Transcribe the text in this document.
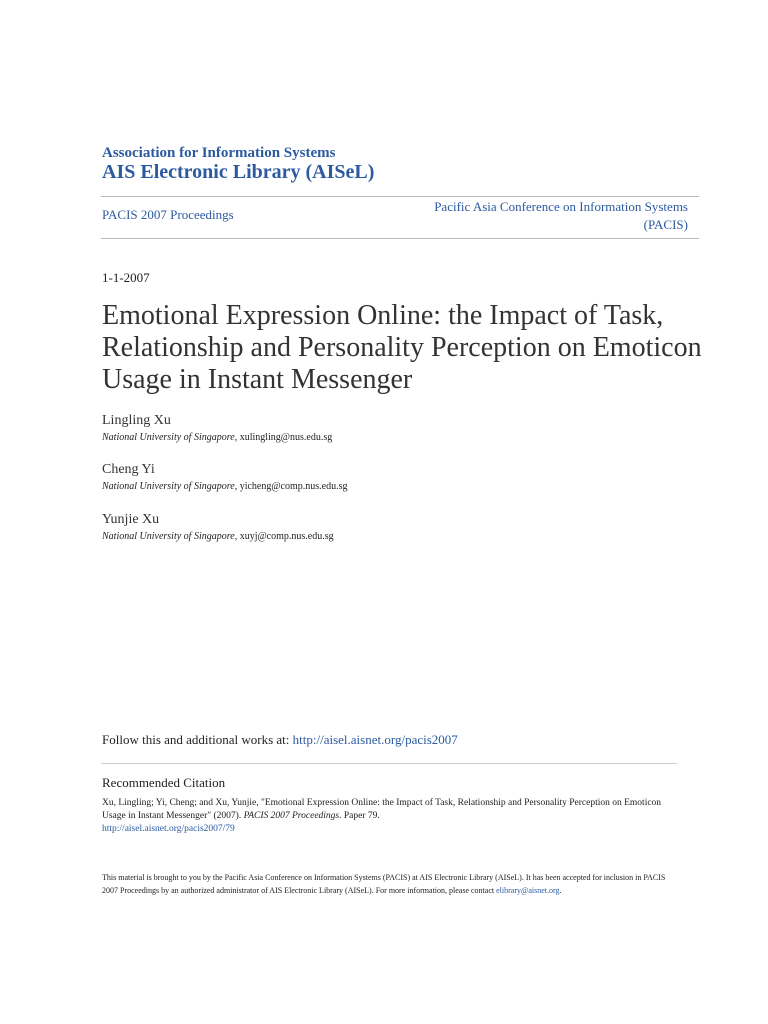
Association for Information Systems
AIS Electronic Library (AISeL)
PACIS 2007 Proceedings
Pacific Asia Conference on Information Systems
(PACIS)
1-1-2007
Emotional Expression Online: the Impact of Task, Relationship and Personality Perception on Emoticon Usage in Instant Messenger
Lingling Xu
National University of Singapore, xulingling@nus.edu.sg
Cheng Yi
National University of Singapore, yicheng@comp.nus.edu.sg
Yunjie Xu
National University of Singapore, xuyj@comp.nus.edu.sg
Follow this and additional works at: http://aisel.aisnet.org/pacis2007
Recommended Citation
Xu, Lingling; Yi, Cheng; and Xu, Yunjie, "Emotional Expression Online: the Impact of Task, Relationship and Personality Perception on Emoticon Usage in Instant Messenger" (2007). PACIS 2007 Proceedings. Paper 79.
http://aisel.aisnet.org/pacis2007/79
This material is brought to you by the Pacific Asia Conference on Information Systems (PACIS) at AIS Electronic Library (AISeL). It has been accepted for inclusion in PACIS 2007 Proceedings by an authorized administrator of AIS Electronic Library (AISeL). For more information, please contact elibrary@aisnet.org.
